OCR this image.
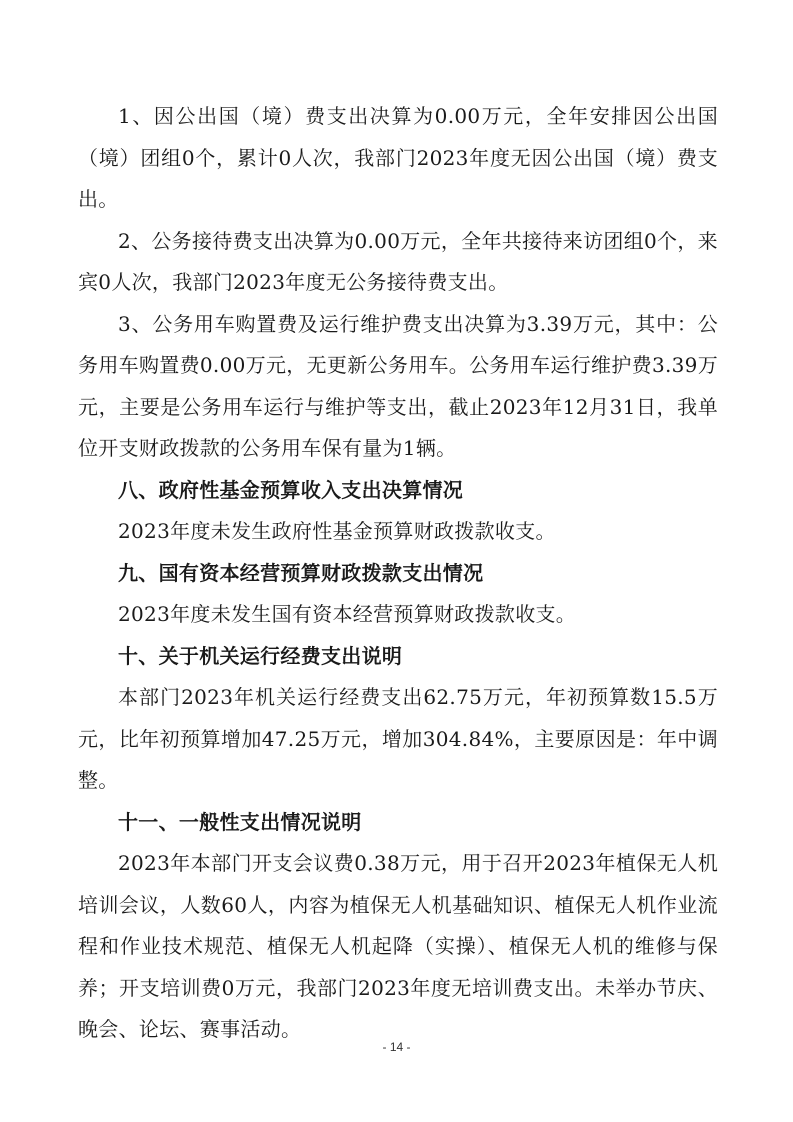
1、因公出国（境）费支出决算为0.00万元，全年安排因公出国（境）团组0个，累计0人次，我部门2023年度无因公出国（境）费支出。

2、公务接待费支出决算为0.00万元，全年共接待来访团组0个，来宾0人次，我部门2023年度无公务接待费支出。

3、公务用车购置费及运行维护费支出决算为3.39万元，其中：公务用车购置费0.00万元，无更新公务用车。公务用车运行维护费3.39万元，主要是公务用车运行与维护等支出，截止2023年12月31日，我单位开支财政拨款的公务用车保有量为1辆。

八、政府性基金预算收入支出决算情况

2023年度未发生政府性基金预算财政拨款收支。

九、国有资本经营预算财政拨款支出情况

2023年度未发生国有资本经营预算财政拨款收支。

十、关于机关运行经费支出说明

本部门2023年机关运行经费支出62.75万元，年初预算数15.5万元，比年初预算增加47.25万元，增加304.84%，主要原因是：年中调整。

十一、一般性支出情况说明

2023年本部门开支会议费0.38万元，用于召开2023年植保无人机培训会议，人数60人，内容为植保无人机基础知识、植保无人机作业流程和作业技术规范、植保无人机起降（实操）、植保无人机的维修与保养；开支培训费0万元，我部门2023年度无培训费支出。未举办节庆、晚会、论坛、赛事活动。

- 14 -
